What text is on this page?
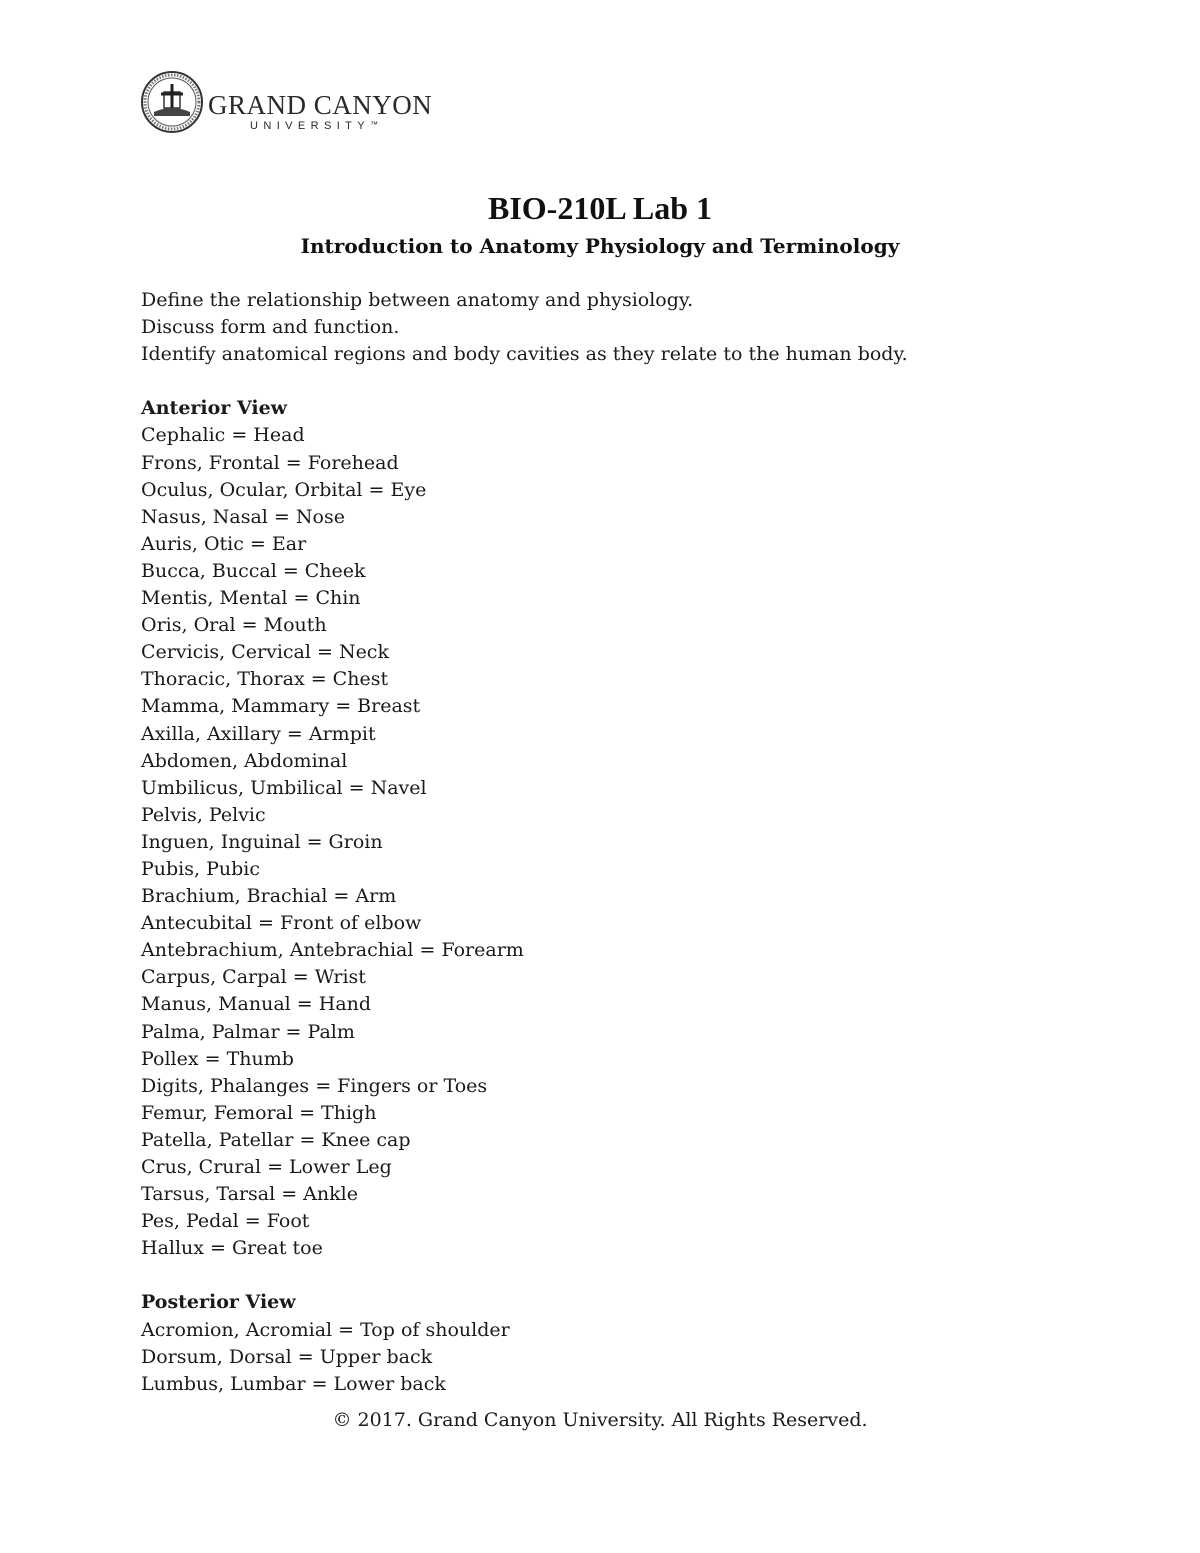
GRAND CANYON
UNIVERSITY™
BIO-210L Lab 1
Introduction to Anatomy Physiology and Terminology
Define the relationship between anatomy and physiology.
Discuss form and function.
Identify anatomical regions and body cavities as they relate to the human body.
Anterior View
Cephalic = Head
Frons, Frontal = Forehead
Oculus, Ocular, Orbital = Eye
Nasus, Nasal = Nose
Auris, Otic = Ear
Bucca, Buccal = Cheek
Mentis, Mental = Chin
Oris, Oral = Mouth
Cervicis, Cervical = Neck
Thoracic, Thorax = Chest
Mamma, Mammary = Breast
Axilla, Axillary = Armpit
Abdomen, Abdominal
Umbilicus, Umbilical = Navel
Pelvis, Pelvic
Inguen, Inguinal = Groin
Pubis, Pubic
Brachium, Brachial = Arm
Antecubital = Front of elbow
Antebrachium, Antebrachial = Forearm
Carpus, Carpal = Wrist
Manus, Manual = Hand
Palma, Palmar = Palm
Pollex = Thumb
Digits, Phalanges = Fingers or Toes
Femur, Femoral = Thigh
Patella, Patellar = Knee cap
Crus, Crural = Lower Leg
Tarsus, Tarsal = Ankle
Pes, Pedal = Foot
Hallux = Great toe
Posterior View
Acromion, Acromial = Top of shoulder
Dorsum, Dorsal = Upper back
Lumbus, Lumbar = Lower back
© 2017. Grand Canyon University. All Rights Reserved.
